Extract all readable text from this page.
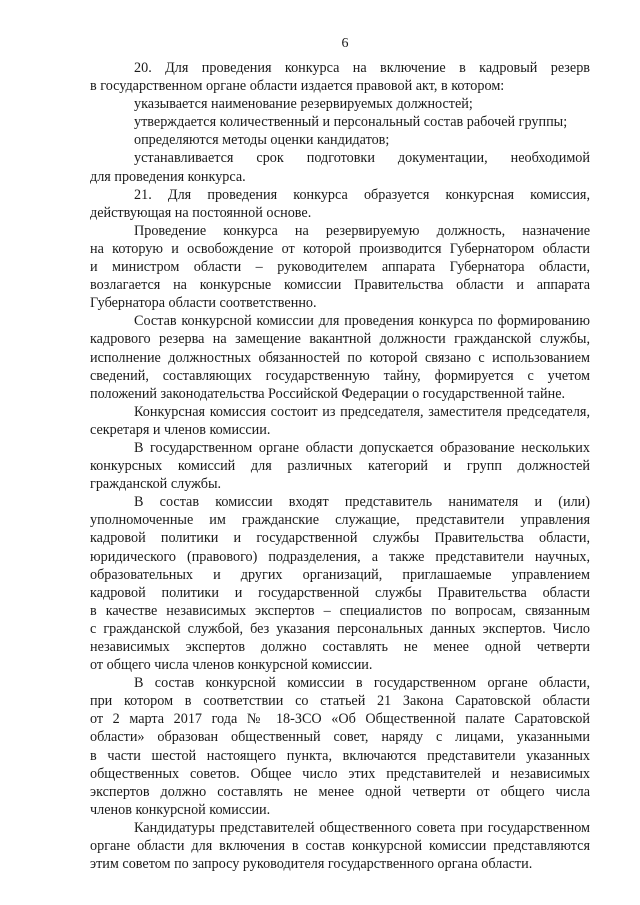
6
20. Для проведения конкурса на включение в кадровый резерв
в государственном органе области издается правовой акт, в котором:
указывается наименование резервируемых должностей;
утверждается количественный и персональный состав рабочей группы;
определяются методы оценки кандидатов;
устанавливается срок подготовки документации, необходимой
для проведения конкурса.
21. Для проведения конкурса образуется конкурсная комиссия,
действующая на постоянной основе.
Проведение конкурса на резервируемую должность, назначение
на которую и освобождение от которой производится Губернатором области
и министром области – руководителем аппарата Губернатора области,
возлагается на конкурсные комиссии Правительства области и аппарата
Губернатора области соответственно.
Состав конкурсной комиссии для проведения конкурса по формированию
кадрового резерва на замещение вакантной должности гражданской службы,
исполнение должностных обязанностей по которой связано с использованием
сведений, составляющих государственную тайну, формируется с учетом
положений законодательства Российской Федерации о государственной тайне.
Конкурсная комиссия состоит из председателя, заместителя председателя,
секретаря и членов комиссии.
В государственном органе области допускается образование нескольких
конкурсных комиссий для различных категорий и групп должностей
гражданской службы.
В состав комиссии входят представитель нанимателя и (или)
уполномоченные им гражданские служащие, представители управления
кадровой политики и государственной службы Правительства области,
юридического (правового) подразделения, а также представители научных,
образовательных и других организаций, приглашаемые управлением
кадровой политики и государственной службы Правительства области
в качестве независимых экспертов – специалистов по вопросам, связанным
с гражданской службой, без указания персональных данных экспертов. Число
независимых экспертов должно составлять не менее одной четверти
от общего числа членов конкурсной комиссии.
В состав конкурсной комиссии в государственном органе области,
при котором в соответствии со статьей 21 Закона Саратовской области
от 2 марта 2017 года № 18-ЗСО «Об Общественной палате Саратовской
области» образован общественный совет, наряду с лицами, указанными
в части шестой настоящего пункта, включаются представители указанных
общественных советов. Общее число этих представителей и независимых
экспертов должно составлять не менее одной четверти от общего числа
членов конкурсной комиссии.
Кандидатуры представителей общественного совета при государственном
органе области для включения в состав конкурсной комиссии представляются
этим советом по запросу руководителя государственного органа области.
